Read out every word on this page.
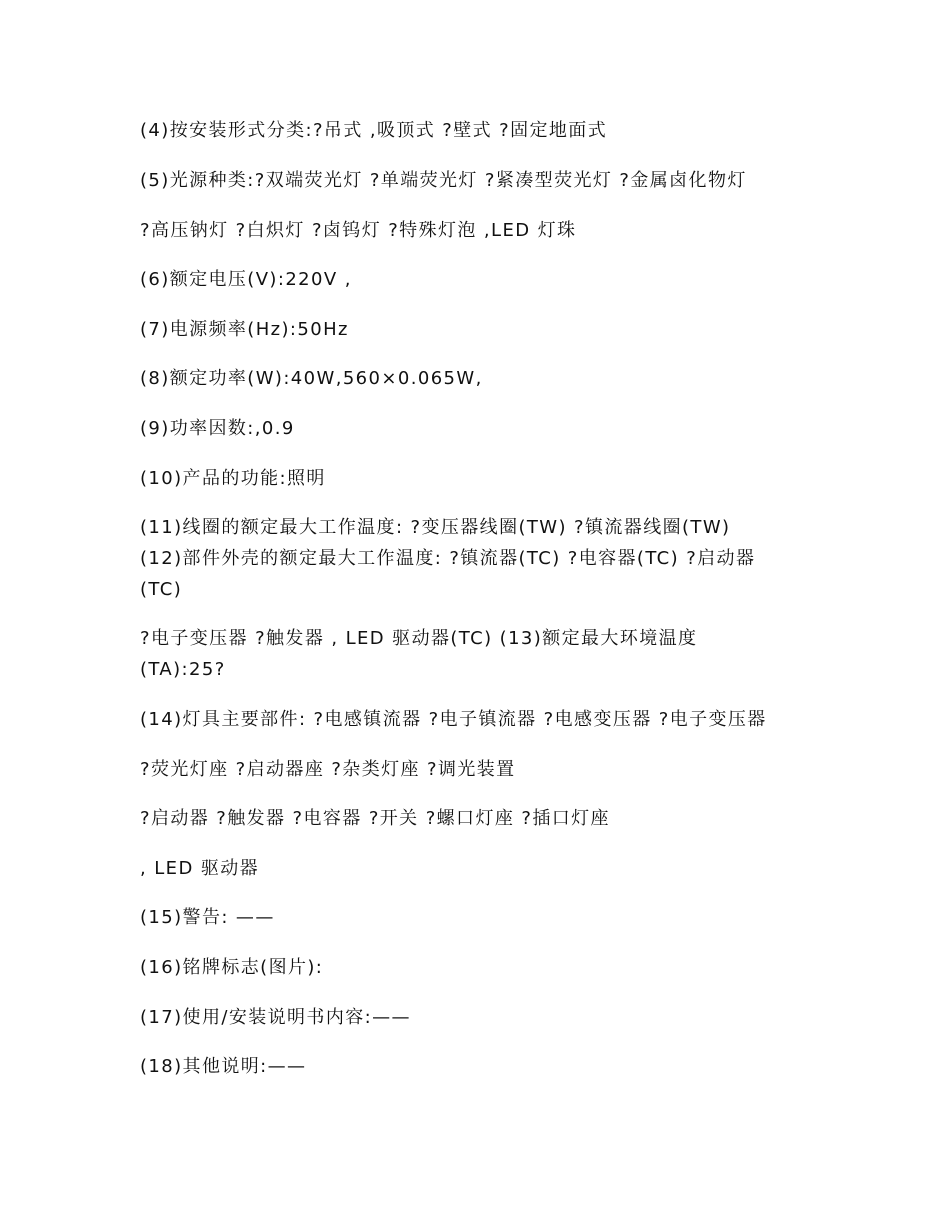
(4)按安装形式分类:?吊式 ,吸顶式 ?壁式 ?固定地面式
(5)光源种类:?双端荧光灯 ?单端荧光灯 ?紧凑型荧光灯 ?金属卤化物灯
?高压钠灯 ?白炽灯 ?卤钨灯 ?特殊灯泡 ,LED 灯珠
(6)额定电压(V):220V ,
(7)电源频率(Hz):50Hz
(8)额定功率(W):40W,560×0.065W,
(9)功率因数:,0.9
(10)产品的功能:照明
(11)线圈的额定最大工作温度: ?变压器线圈(TW) ?镇流器线圈(TW)
(12)部件外壳的额定最大工作温度: ?镇流器(TC) ?电容器(TC) ?启动器
(TC)
?电子变压器 ?触发器 , LED 驱动器(TC) (13)额定最大环境温度
(TA):25?
(14)灯具主要部件: ?电感镇流器 ?电子镇流器 ?电感变压器 ?电子变压器
?荧光灯座 ?启动器座 ?杂类灯座 ?调光装置
?启动器 ?触发器 ?电容器 ?开关 ?螺口灯座 ?插口灯座
, LED 驱动器
(15)警告: ——
(16)铭牌标志(图片):
(17)使用/安装说明书内容:——
(18)其他说明:——
